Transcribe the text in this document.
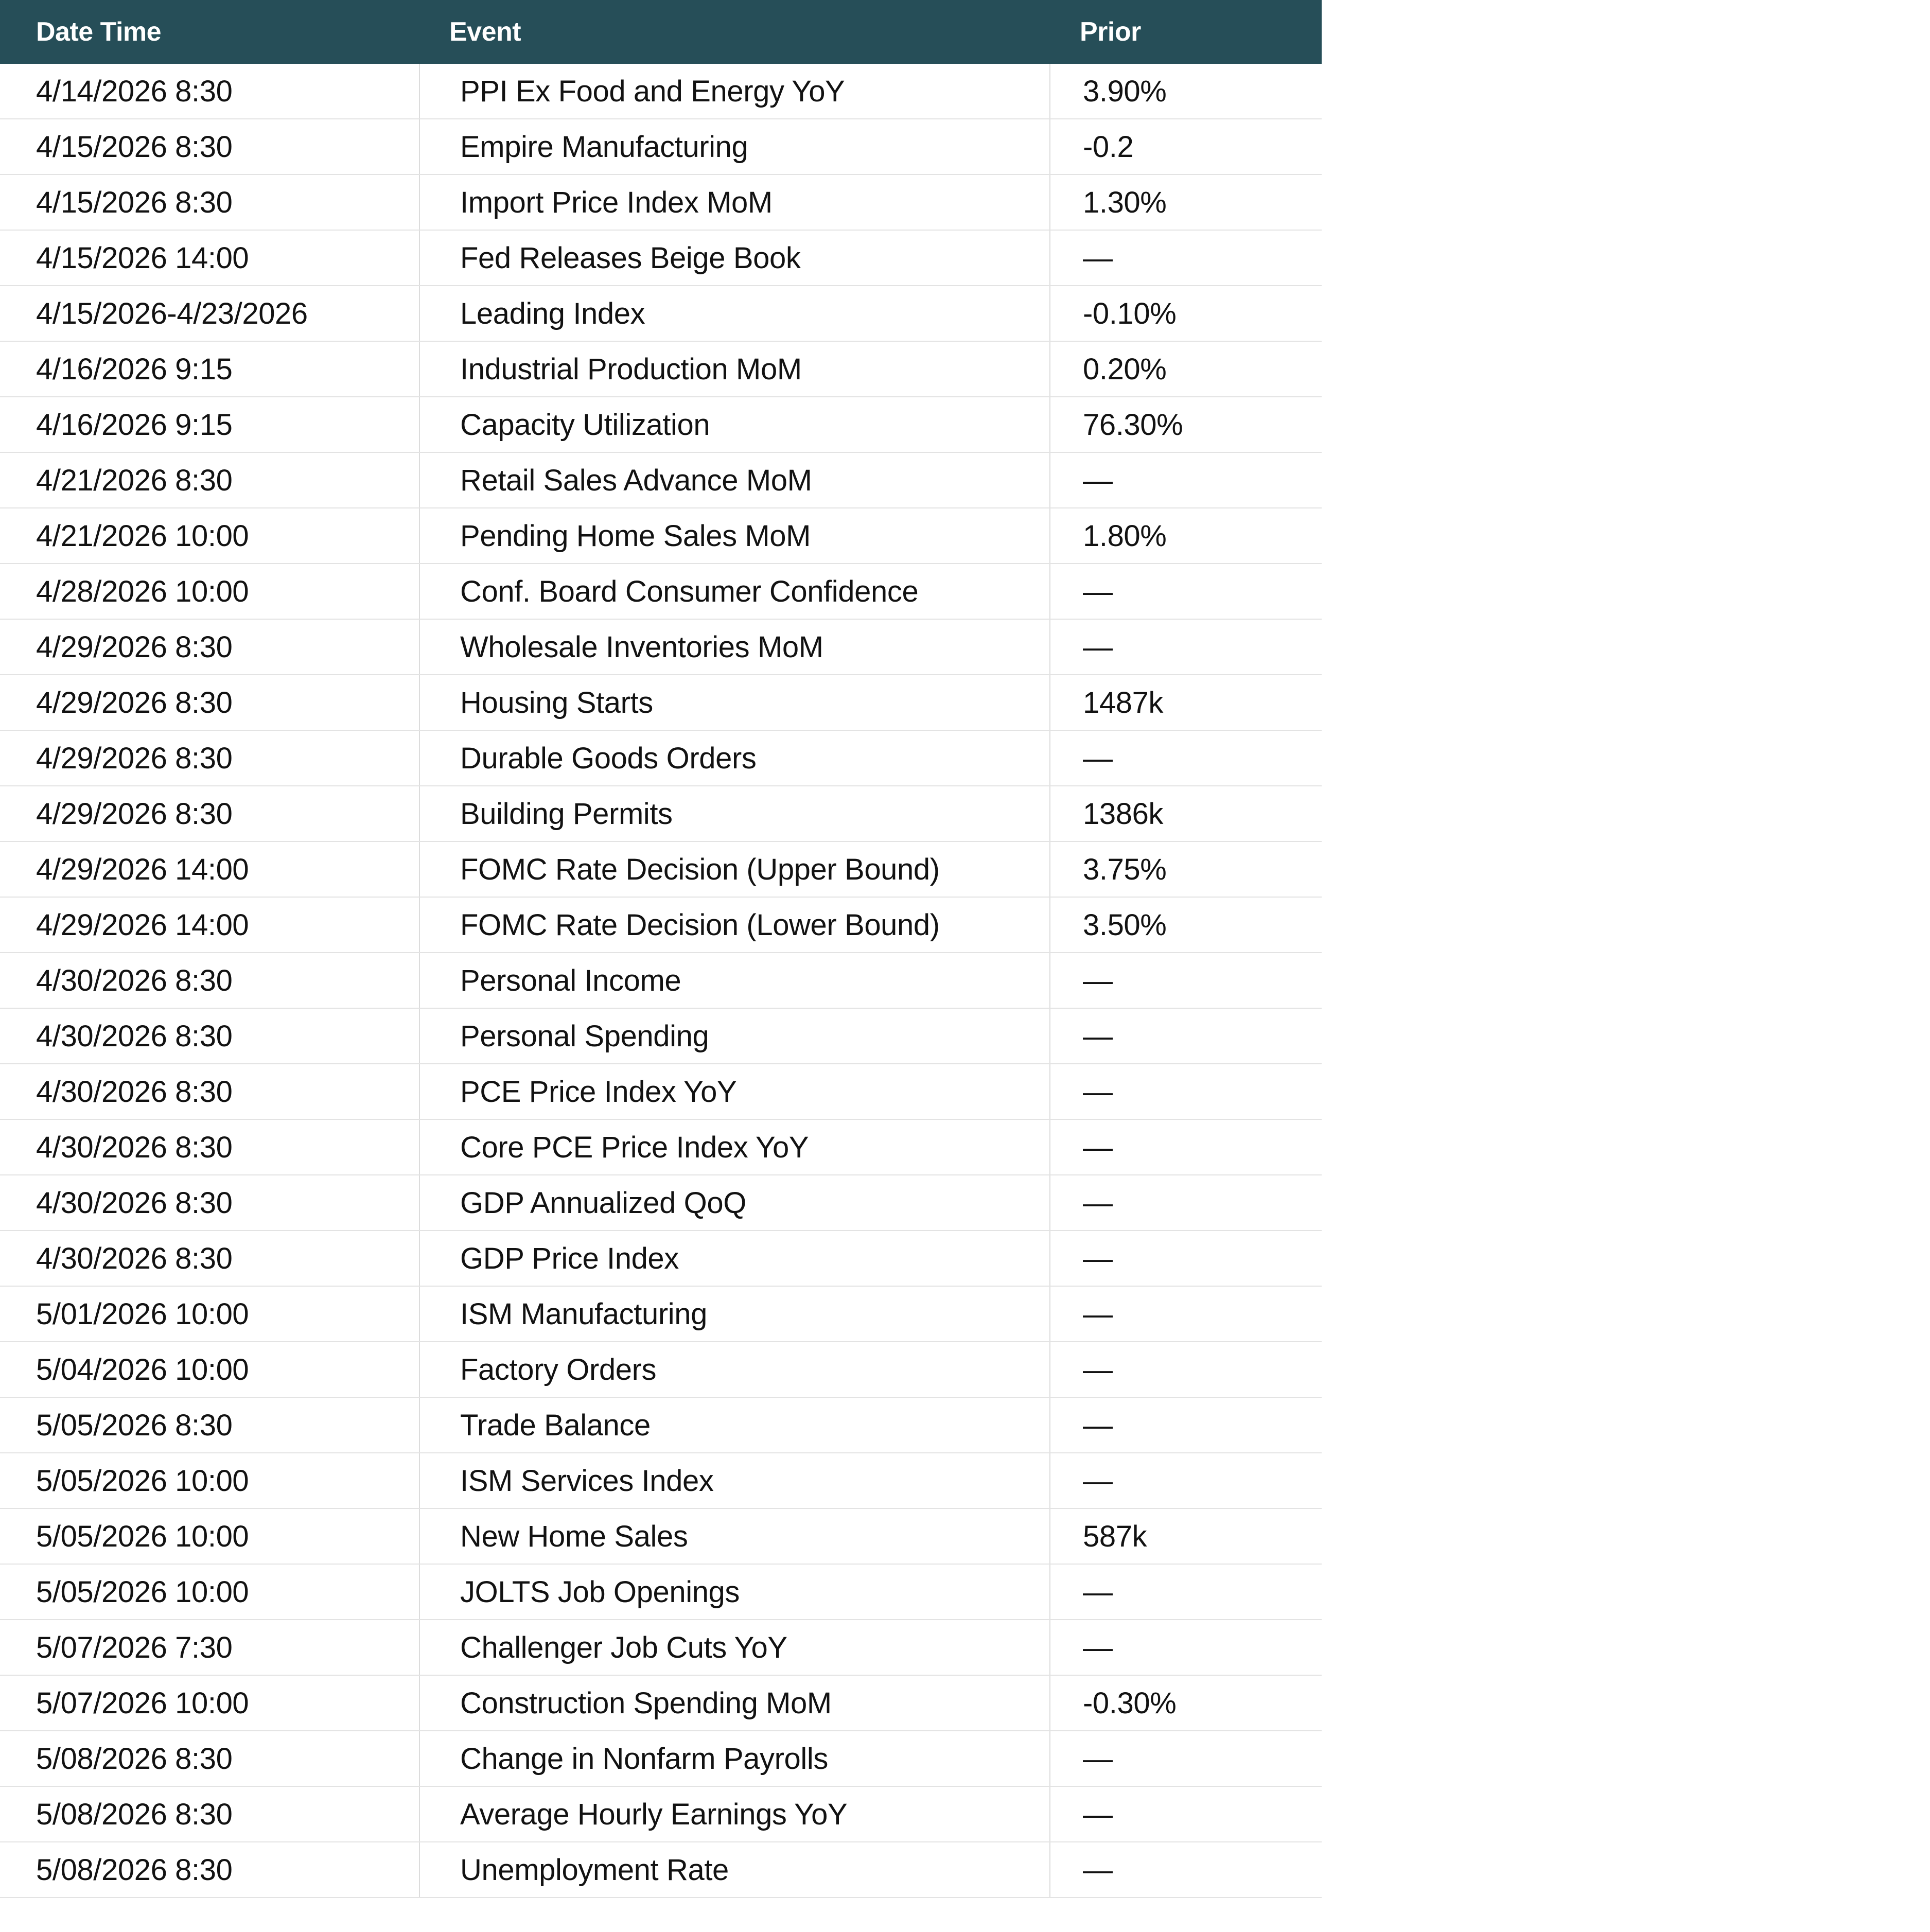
Date Time	Event	Prior
4/14/2026 8:30	PPI Ex Food and Energy YoY	3.90%
4/15/2026 8:30	Empire Manufacturing	-0.2
4/15/2026 8:30	Import Price Index MoM	1.30%
4/15/2026 14:00	Fed Releases Beige Book	—
4/15/2026-4/23/2026	Leading Index	-0.10%
4/16/2026 9:15	Industrial Production MoM	0.20%
4/16/2026 9:15	Capacity Utilization	76.30%
4/21/2026 8:30	Retail Sales Advance MoM	—
4/21/2026 10:00	Pending Home Sales MoM	1.80%
4/28/2026 10:00	Conf. Board Consumer Confidence	—
4/29/2026 8:30	Wholesale Inventories MoM	—
4/29/2026 8:30	Housing Starts	1487k
4/29/2026 8:30	Durable Goods Orders	—
4/29/2026 8:30	Building Permits	1386k
4/29/2026 14:00	FOMC Rate Decision (Upper Bound)	3.75%
4/29/2026 14:00	FOMC Rate Decision (Lower Bound)	3.50%
4/30/2026 8:30	Personal Income	—
4/30/2026 8:30	Personal Spending	—
4/30/2026 8:30	PCE Price Index YoY	—
4/30/2026 8:30	Core PCE Price Index YoY	—
4/30/2026 8:30	GDP Annualized QoQ	—
4/30/2026 8:30	GDP Price Index	—
5/01/2026 10:00	ISM Manufacturing	—
5/04/2026 10:00	Factory Orders	—
5/05/2026 8:30	Trade Balance	—
5/05/2026 10:00	ISM Services Index	—
5/05/2026 10:00	New Home Sales	587k
5/05/2026 10:00	JOLTS Job Openings	—
5/07/2026 7:30	Challenger Job Cuts YoY	—
5/07/2026 10:00	Construction Spending MoM	-0.30%
5/08/2026 8:30	Change in Nonfarm Payrolls	—
5/08/2026 8:30	Average Hourly Earnings YoY	—
5/08/2026 8:30	Unemployment Rate	—
